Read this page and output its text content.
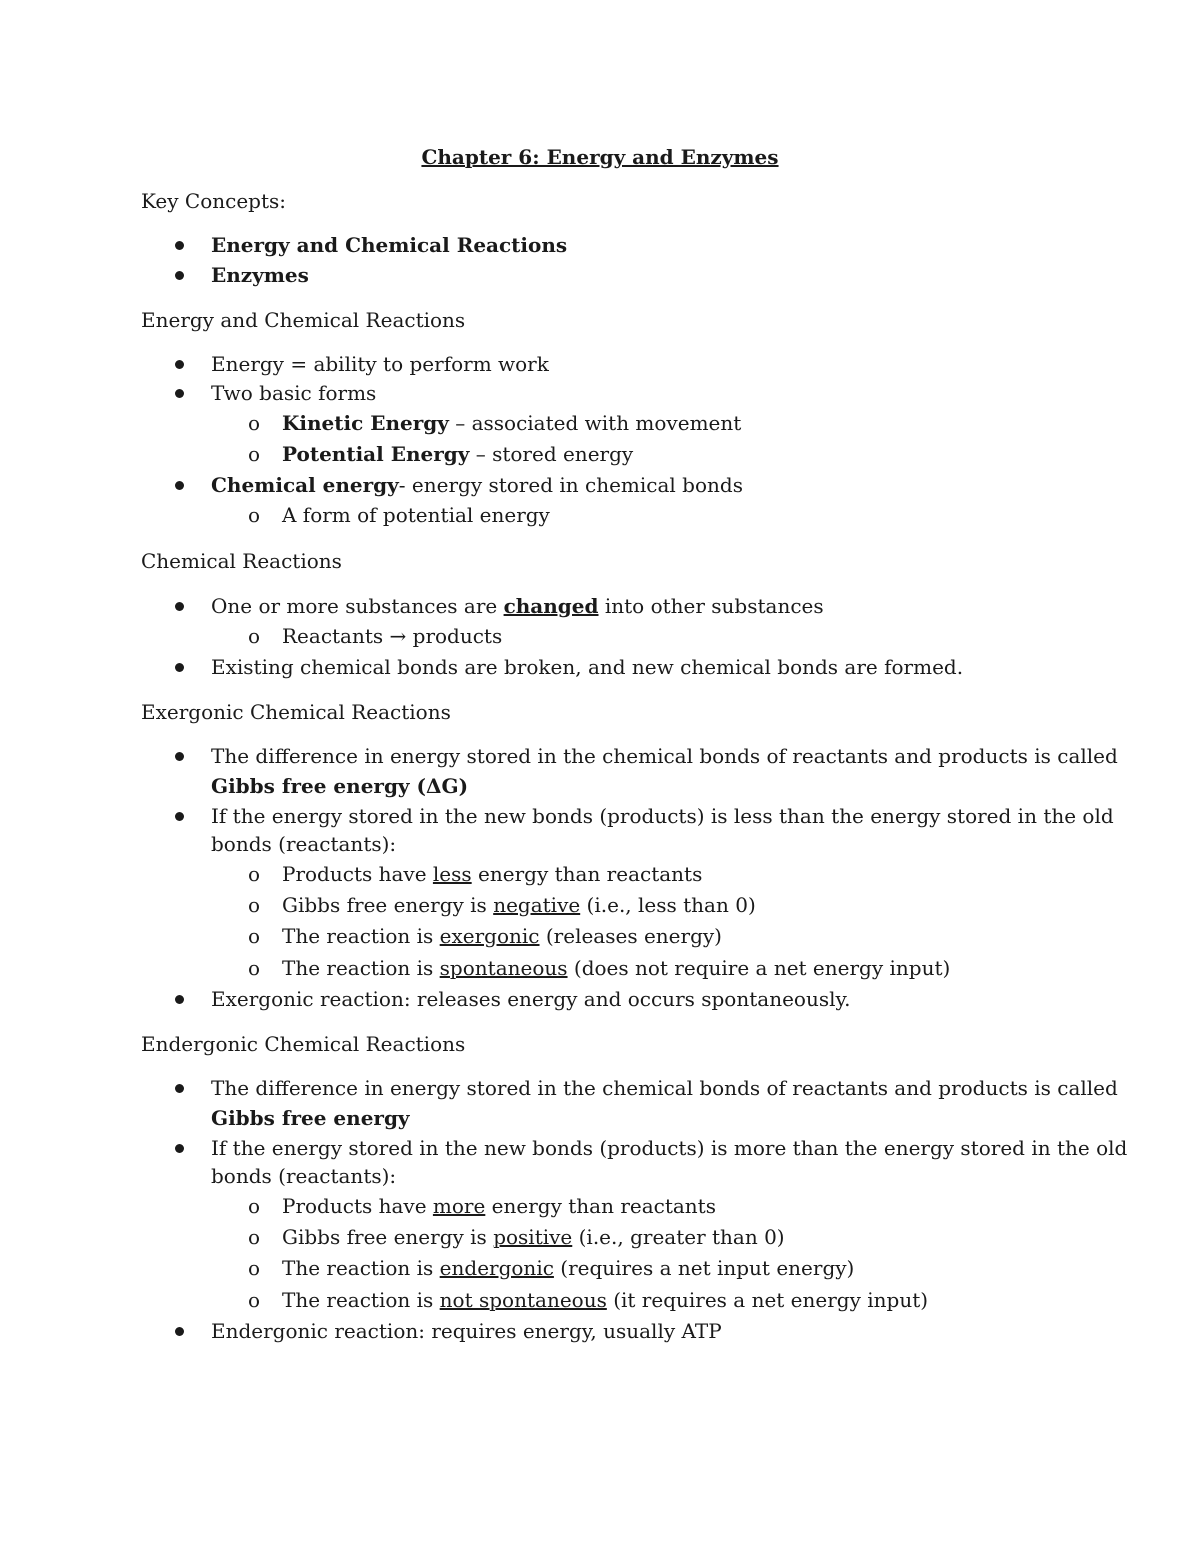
Chapter 6: Energy and Enzymes
Key Concepts:
Energy and Chemical Reactions
Enzymes
Energy and Chemical Reactions
Energy = ability to perform work
Two basic forms
o Kinetic Energy – associated with movement
o Potential Energy – stored energy
Chemical energy- energy stored in chemical bonds
o A form of potential energy
Chemical Reactions
One or more substances are changed into other substances
o Reactants → products
Existing chemical bonds are broken, and new chemical bonds are formed.
Exergonic Chemical Reactions
The difference in energy stored in the chemical bonds of reactants and products is called
Gibbs free energy (ΔG)
If the energy stored in the new bonds (products) is less than the energy stored in the old
bonds (reactants):
o Products have less energy than reactants
o Gibbs free energy is negative (i.e., less than 0)
o The reaction is exergonic (releases energy)
o The reaction is spontaneous (does not require a net energy input)
Exergonic reaction: releases energy and occurs spontaneously.
Endergonic Chemical Reactions
The difference in energy stored in the chemical bonds of reactants and products is called
Gibbs free energy
If the energy stored in the new bonds (products) is more than the energy stored in the old
bonds (reactants):
o Products have more energy than reactants
o Gibbs free energy is positive (i.e., greater than 0)
o The reaction is endergonic (requires a net input energy)
o The reaction is not spontaneous (it requires a net energy input)
Endergonic reaction: requires energy, usually ATP
